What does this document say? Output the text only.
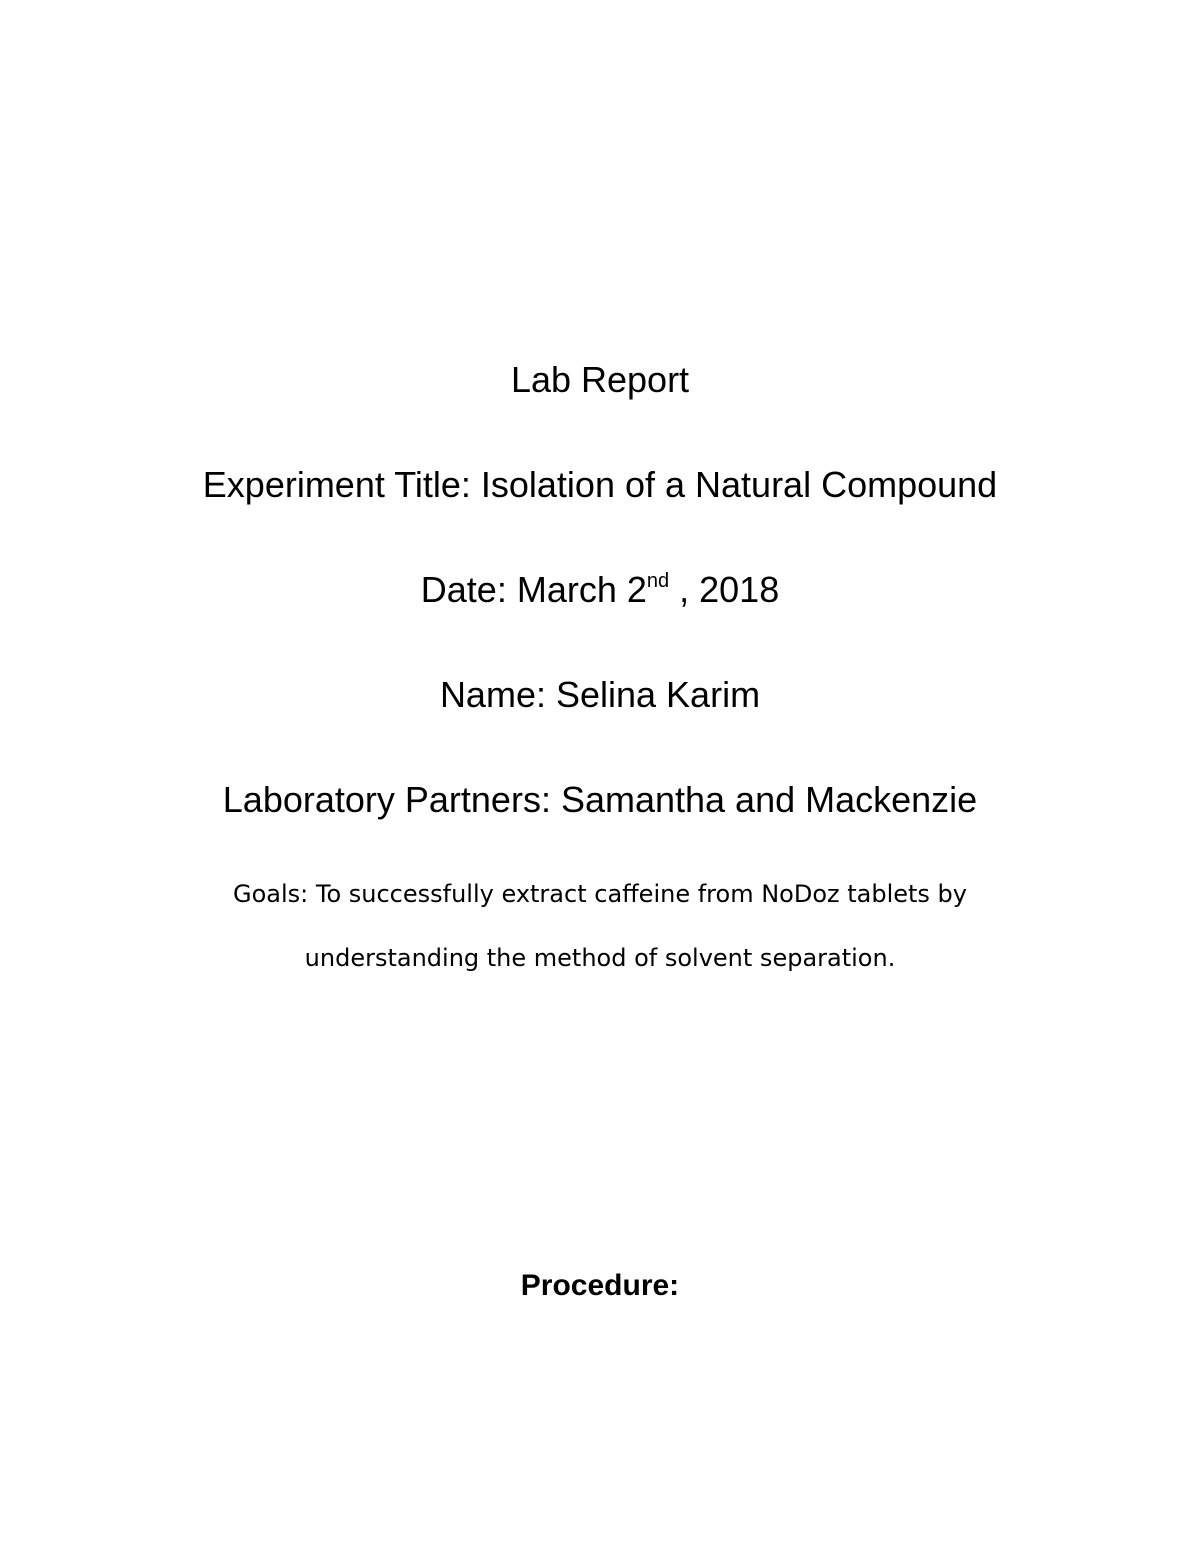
Lab Report
Experiment Title: Isolation of a Natural Compound
Date: March 2nd , 2018
Name: Selina Karim
Laboratory Partners: Samantha and Mackenzie
Goals: To successfully extract caffeine from NoDoz tablets by
understanding the method of solvent separation.
Procedure:
